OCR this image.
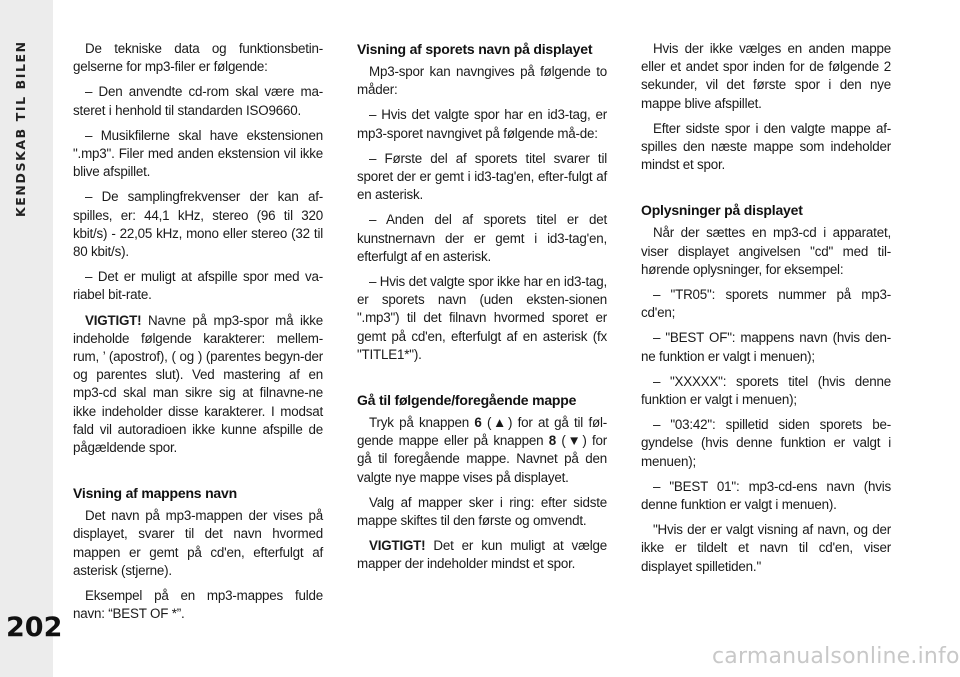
KENDSKAB TIL BILEN
202

De tekniske data og funktionsbetin-gelserne for mp3-filer er følgende:

– Den anvendte cd-rom skal være ma-steret i henhold til standarden ISO9660.

– Musikfilerne skal have ekstensionen ".mp3". Filer med anden ekstension vil ikke blive afspillet.

– De samplingfrekvenser der kan af-spilles, er: 44,1 kHz, stereo (96 til 320 kbit/s) - 22,05 kHz, mono eller stereo (32 til 80 kbit/s).

– Det er muligt at afspille spor med va-riabel bit-rate.

VIGTIGT! Navne på mp3-spor må ikke indeholde følgende karakterer: mellem-rum, ’ (apostrof), ( og ) (parentes begyn-der og parentes slut). Ved mastering af en mp3-cd skal man sikre sig at filnavne-ne ikke indeholder disse karakterer. I modsat fald vil autoradioen ikke kunne afspille de pågældende spor.

Visning af mappens navn

Det navn på mp3-mappen der vises på displayet, svarer til det navn hvormed mappen er gemt på cd'en, efterfulgt af asterisk (stjerne).

Eksempel på en mp3-mappes fulde navn: “BEST OF *”.

Visning af sporets navn på displayet

Mp3-spor kan navngives på følgende to måder:

– Hvis det valgte spor har en id3-tag, er mp3-sporet navngivet på følgende må-de:

– Første del af sporets titel svarer til sporet der er gemt i id3-tag'en, efter-fulgt af en asterisk.

– Anden del af sporets titel er det kunstnernavn der er gemt i id3-tag'en, efterfulgt af en asterisk.

– Hvis det valgte spor ikke har en id3-tag, er sporets navn (uden eksten-sionen ".mp3") til det filnavn hvormed sporet er gemt på cd'en, efterfulgt af en asterisk (fx "TITLE1*").

Gå til følgende/foregående mappe

Tryk på knappen 6 (▲) for at gå til føl-gende mappe eller på knappen 8 (▼) for gå til foregående mappe. Navnet på den valgte nye mappe vises på displayet.

Valg af mapper sker i ring: efter sidste mappe skiftes til den første og omvendt.

VIGTIGT! Det er kun muligt at vælge mapper der indeholder mindst et spor.

Hvis der ikke vælges en anden mappe eller et andet spor inden for de følgende 2 sekunder, vil det første spor i den nye mappe blive afspillet.

Efter sidste spor i den valgte mappe af-spilles den næste mappe som indeholder mindst et spor.

Oplysninger på displayet

Når der sættes en mp3-cd i apparatet, viser displayet angivelsen "cd" med til-hørende oplysninger, for eksempel:

– "TR05": sporets nummer på mp3-cd'en;

– "BEST OF": mappens navn (hvis den-ne funktion er valgt i menuen);

– "XXXXX": sporets titel (hvis denne funktion er valgt i menuen);

– "03:42": spilletid siden sporets be-gyndelse (hvis denne funktion er valgt i menuen);

– "BEST 01": mp3-cd-ens navn (hvis denne funktion er valgt i menuen).

"Hvis der er valgt visning af navn, og der ikke er tildelt et navn til cd'en, viser displayet spilletiden."

carmanualsonline.info
